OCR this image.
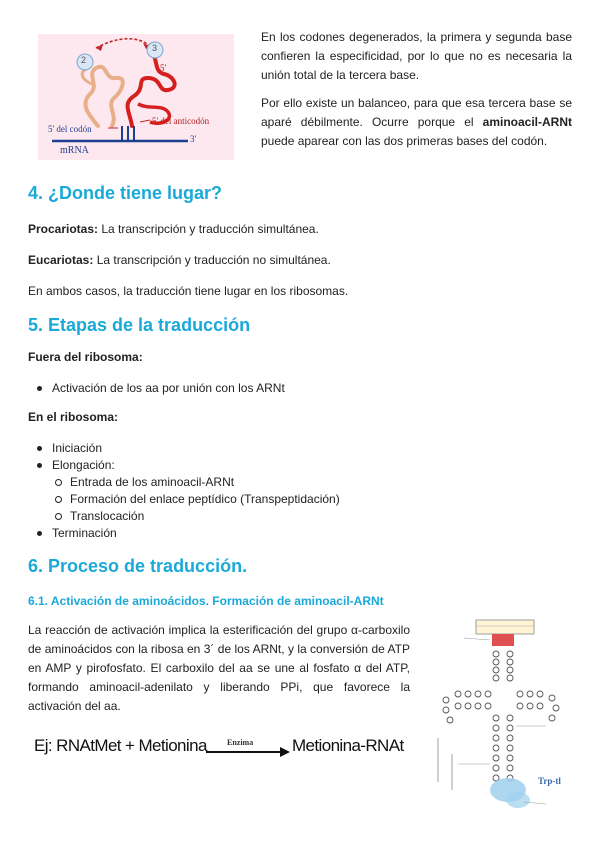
2
3
5'
5' del codón
5' del anticodón
3'
mRNA

En los codones degenerados, la primera y segunda base confieren la especificidad, por lo que no es necesaria la unión total de la tercera base.

Por ello existe un balanceo, para que esa tercera base se aparé débilmente. Ocurre porque el aminoacil-ARNt puede aparear con las dos primeras bases del codón.

4. ¿Donde tiene lugar?

Procariotas: La transcripción y traducción simultánea.

Eucariotas: La transcripción y traducción no simultánea.

En ambos casos, la traducción tiene lugar en los ribosomas.

5. Etapas de la traducción

Fuera del ribosoma:

Activación de los aa por unión con los ARNt

En el ribosoma:

Iniciación
Elongación:
Entrada de los aminoacil-ARNt
Formación del enlace peptídico (Transpeptidación)
Translocación
Terminación
6. Proceso de traducción.
6.1. Activación de aminoácidos. Formación de aminoacil-ARNt

La reacción de activación implica la esterificación del grupo α-carboxilo de aminoácidos con la ribosa en 3´ de los ARNt, y la conversión de ATP en AMP y pirofosfato. El carboxilo del aa se une al fosfato α del ATP, formando aminoacil-adenilato y liberando PPi, que favorece la activación del aa.

Ej: RNAtMet + Metionina	Enzima Metionina-RNAt
Trp-tl
